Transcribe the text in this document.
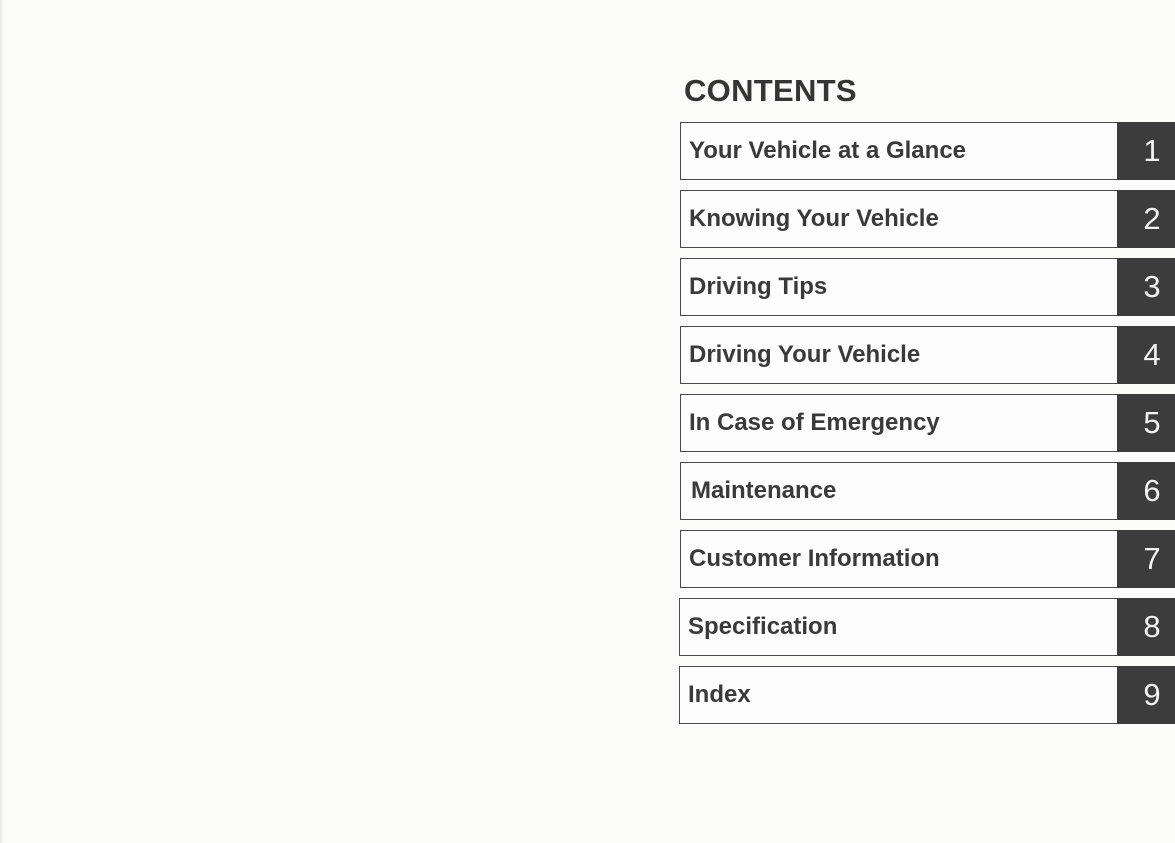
CONTENTS
Your Vehicle at a Glance	1
Knowing Your Vehicle	2
Driving Tips	3
Driving Your Vehicle	4
In Case of Emergency	5
Maintenance	6
Customer Information	7
Specification	8
Index	9
